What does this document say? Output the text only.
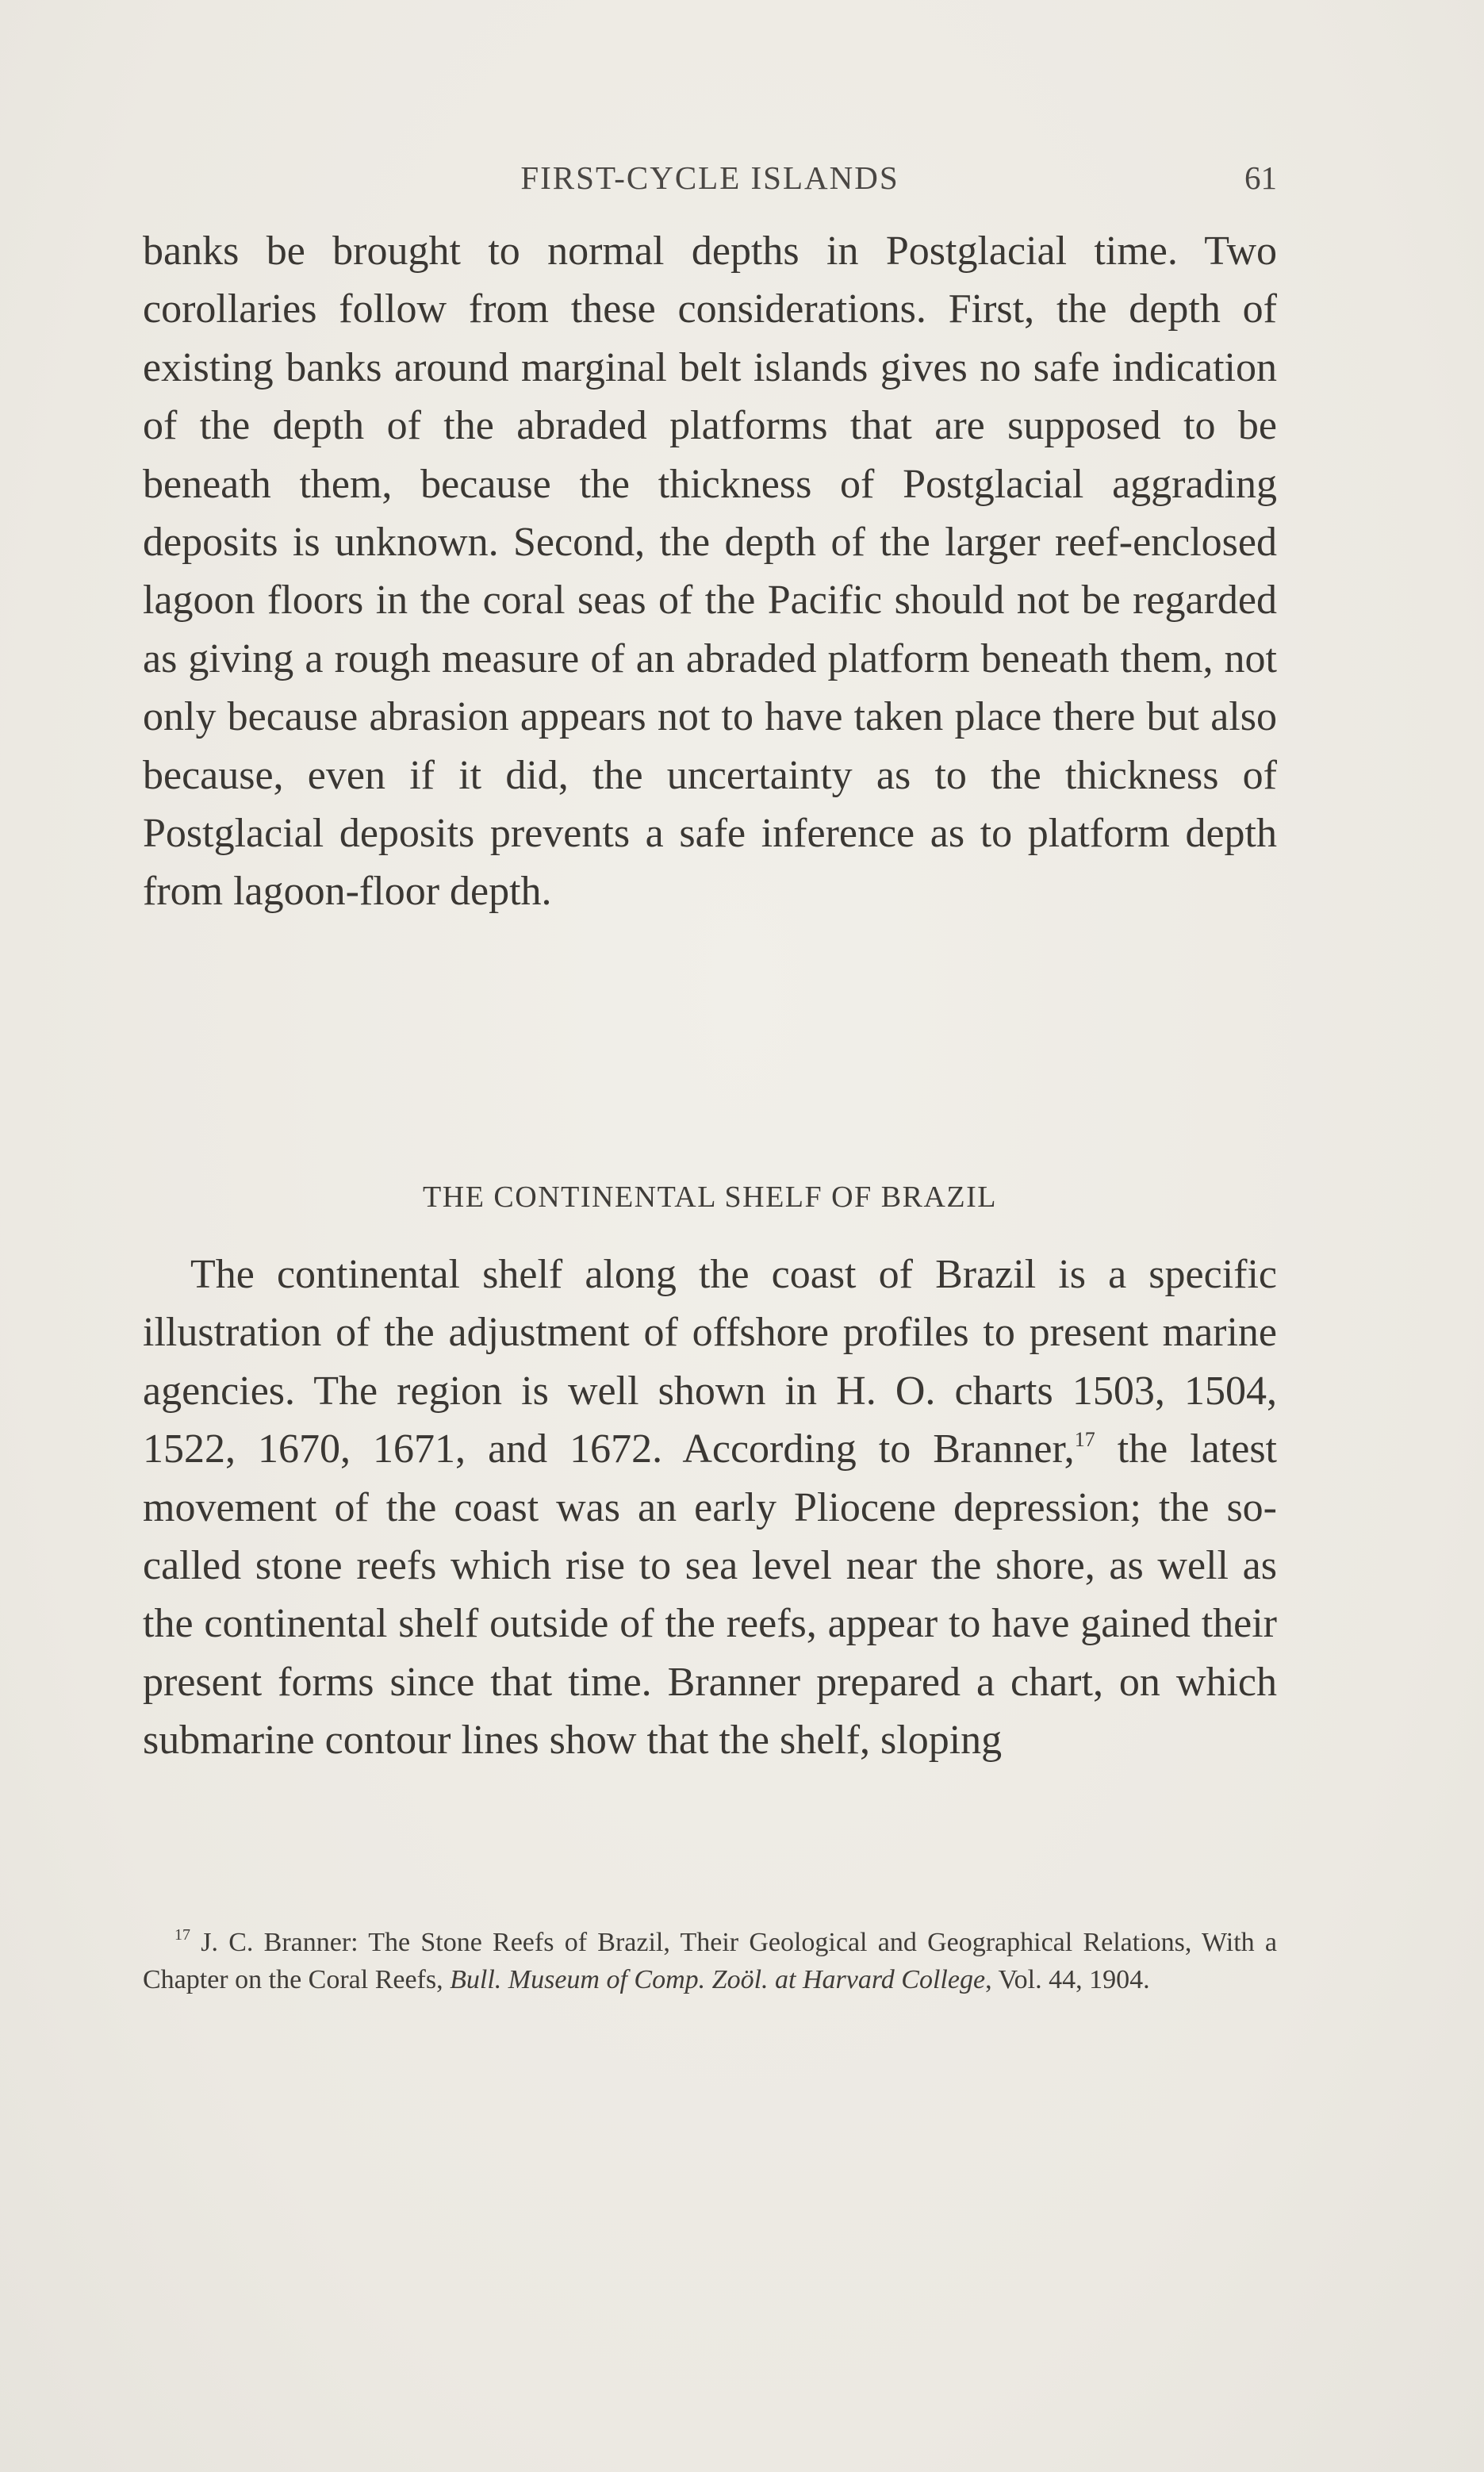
FIRST-CYCLE ISLANDS	61

banks be brought to normal depths in Postglacial time. Two corollaries follow from these considerations. First, the depth of existing banks around marginal belt islands gives no safe indication of the depth of the abraded platforms that are supposed to be beneath them, because the thickness of Postglacial aggrading deposits is unknown. Second, the depth of the larger reef-enclosed lagoon floors in the coral seas of the Pacific should not be regarded as giving a rough measure of an abraded platform beneath them, not only because abrasion appears not to have taken place there but also because, even if it did, the uncertainty as to the thickness of Postglacial deposits prevents a safe inference as to platform depth from lagoon-floor depth.

THE CONTINENTAL SHELF OF BRAZIL

The continental shelf along the coast of Brazil is a specific illustration of the adjustment of offshore profiles to present marine agencies. The region is well shown in H. O. charts 1503, 1504, 1522, 1670, 1671, and 1672. According to Branner,$^{17}$ the latest movement of the coast was an early Pliocene depression; the so-called stone reefs which rise to sea level near the shore, as well as the continental shelf outside of the reefs, appear to have gained their present forms since that time. Branner prepared a chart, on which submarine contour lines show that the shelf, sloping

$^{17}$ J. C. Branner: The Stone Reefs of Brazil, Their Geological and Geographical Relations, With a Chapter on the Coral Reefs, Bull. Museum of Comp. Zoöl. at Harvard College, Vol. 44, 1904.
